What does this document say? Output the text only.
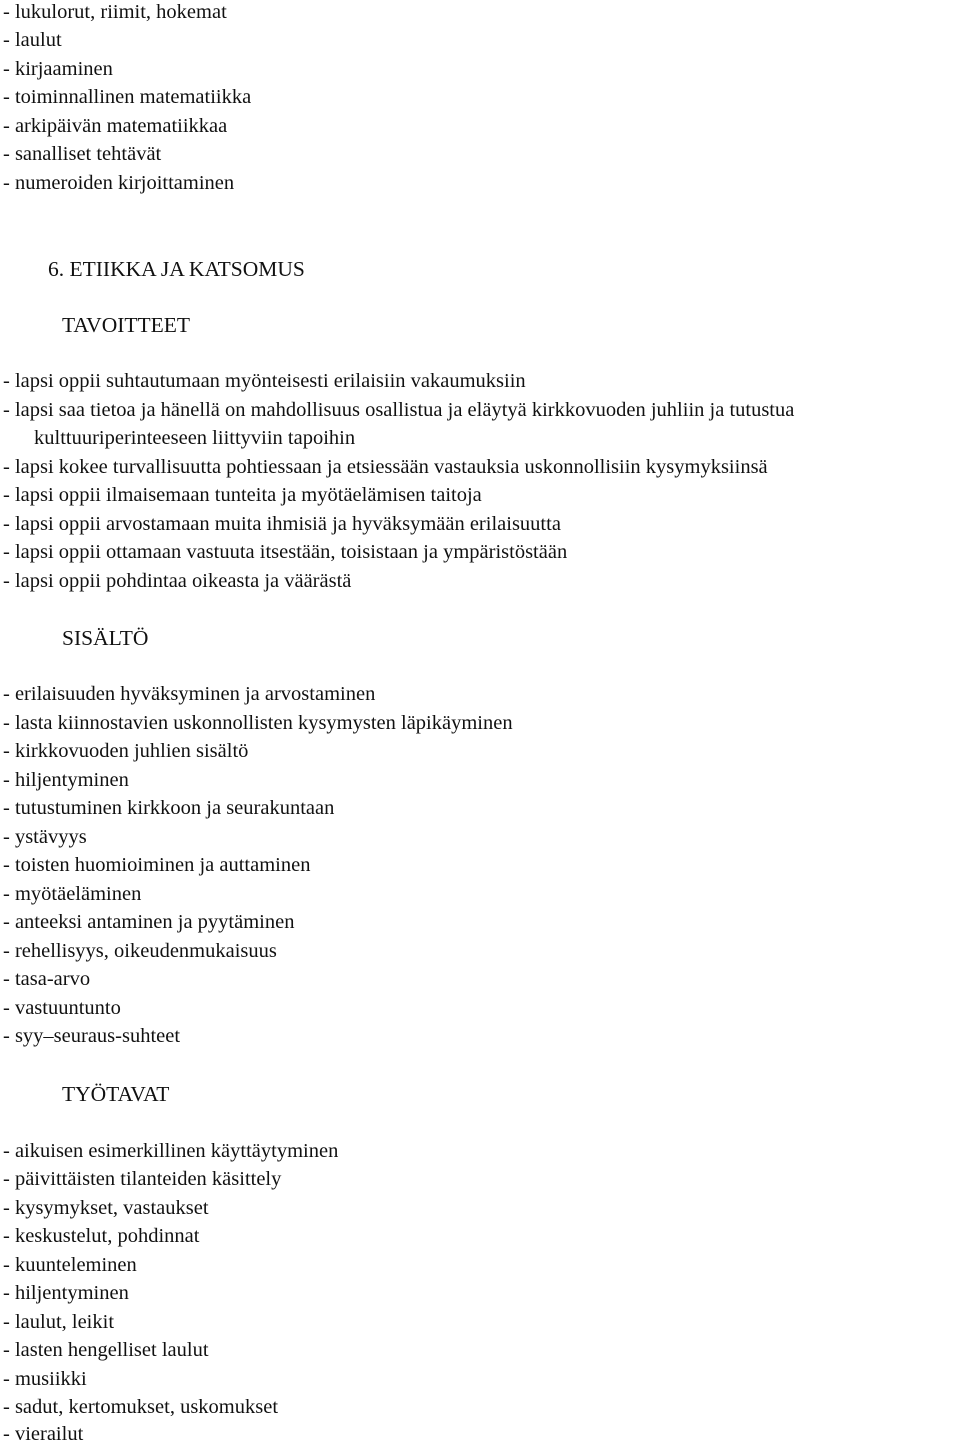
- lukulorut, riimit, hokemat
- laulut
- kirjaaminen
- toiminnallinen matematiikka
- arkipäivän matematiikkaa
- sanalliset tehtävät
- numeroiden kirjoittaminen
6. ETIIKKA JA KATSOMUS
TAVOITTEET
- lapsi oppii suhtautumaan myönteisesti erilaisiin vakaumuksiin
- lapsi saa tietoa ja hänellä on mahdollisuus osallistua ja eläytyä kirkkovuoden juhliin ja tutustua
kulttuuriperinteeseen liittyviin tapoihin
- lapsi kokee turvallisuutta pohtiessaan ja etsiessään vastauksia uskonnollisiin kysymyksiinsä
- lapsi oppii ilmaisemaan tunteita ja myötäelämisen taitoja
- lapsi oppii arvostamaan muita ihmisiä ja hyväksymään erilaisuutta
- lapsi oppii ottamaan vastuuta itsestään, toisistaan ja ympäristöstään
- lapsi oppii pohdintaa oikeasta ja väärästä
SISÄLTÖ
- erilaisuuden hyväksyminen ja arvostaminen
- lasta kiinnostavien uskonnollisten kysymysten läpikäyminen
- kirkkovuoden juhlien sisältö
- hiljentyminen
- tutustuminen kirkkoon ja seurakuntaan
- ystävyys
- toisten huomioiminen ja auttaminen
- myötäeläminen
- anteeksi antaminen ja pyytäminen
- rehellisyys, oikeudenmukaisuus
- tasa-arvo
- vastuuntunto
- syy–seuraus-suhteet
TYÖTAVAT
- aikuisen esimerkillinen käyttäytyminen
- päivittäisten tilanteiden käsittely
- kysymykset, vastaukset
- keskustelut, pohdinnat
- kuunteleminen
- hiljentyminen
- laulut, leikit
- lasten hengelliset laulut
- musiikki
- sadut, kertomukset, uskomukset
- vierailut
